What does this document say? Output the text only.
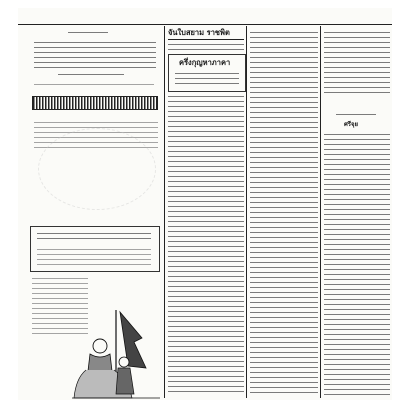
จันใบสยาม ราชพิต
ครึ่งกุญหาภาคา
ศรีจุย
